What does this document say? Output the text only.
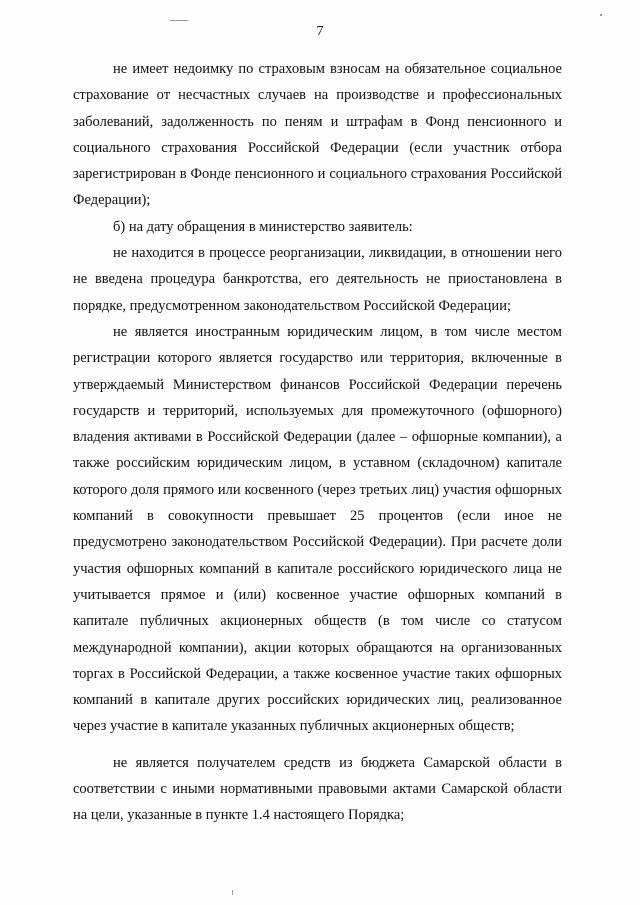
7

не имеет недоимку по страховым взносам на обязательное социальное страхование от несчастных случаев на производстве и профессиональных заболеваний, задолженность по пеням и штрафам в Фонд пенсионного и социального страхования Российской Федерации (если участник отбора зарегистрирован в Фонде пенсионного и социального страхования Российской Федерации);

б) на дату обращения в министерство заявитель:

не находится в процессе реорганизации, ликвидации, в отношении него не введена процедура банкротства, его деятельность не приостановлена в порядке, предусмотренном законодательством Российской Федерации;

не является иностранным юридическим лицом, в том числе местом регистрации которого является государство или территория, включенные в утверждаемый Министерством финансов Российской Федерации перечень государств и территорий, используемых для промежуточного (офшорного) владения активами в Российской Федерации (далее – офшорные компании), а также российским юридическим лицом, в уставном (складочном) капитале которого доля прямого или косвенного (через третьих лиц) участия офшорных компаний в совокупности превышает 25 процентов (если иное не предусмотрено законодательством Российской Федерации). При расчете доли участия офшорных компаний в капитале российского юридического лица не учитывается прямое и (или) косвенное участие офшорных компаний в капитале публичных акционерных обществ (в том числе со статусом международной компании), акции которых обращаются на организованных торгах в Российской Федерации, а также косвенное участие таких офшорных компаний в капитале других российских юридических лиц, реализованное через участие в капитале указанных публичных акционерных обществ;

не является получателем средств из бюджета Самарской области в соответствии с иными нормативными правовыми актами Самарской области на цели, указанные в пункте 1.4 настоящего Порядка;
